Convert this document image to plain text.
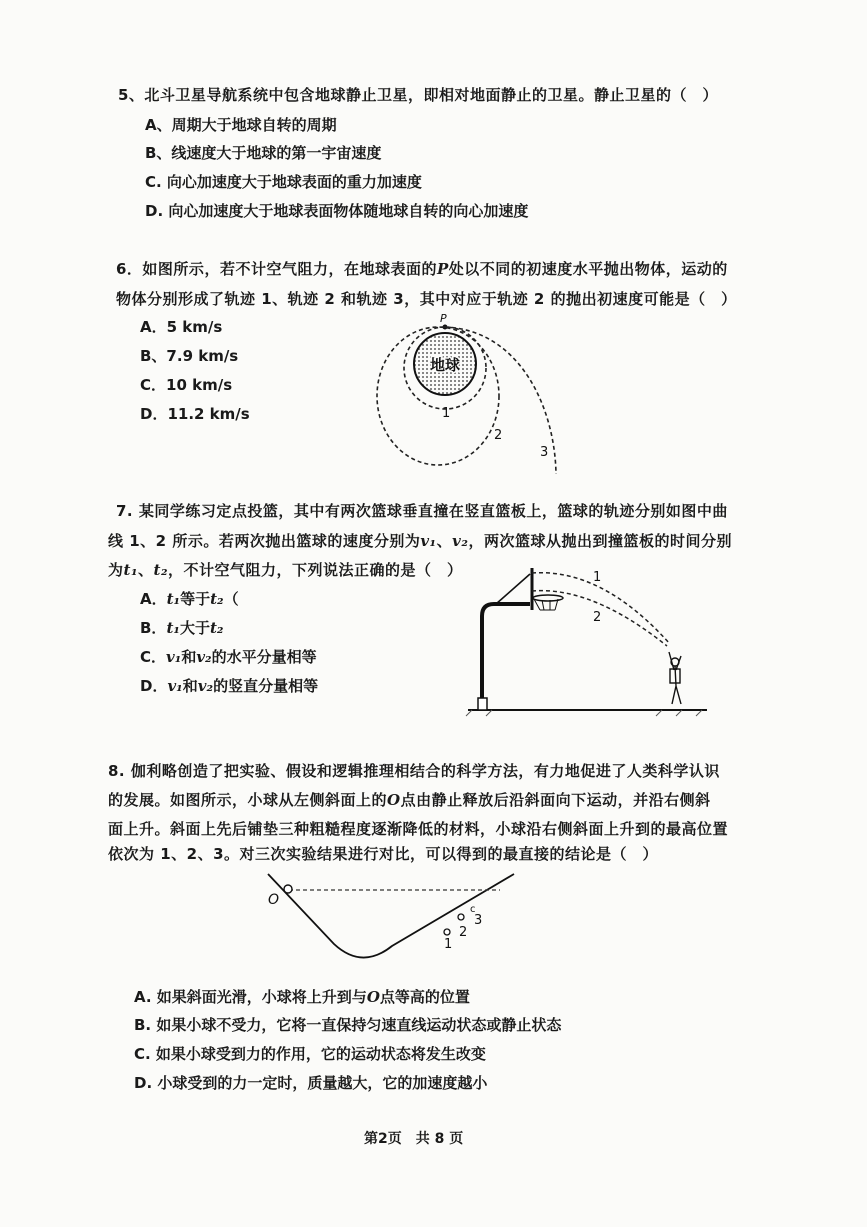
5、北斗卫星导航系统中包含地球静止卫星，即相对地面静止的卫星。静止卫星的（　）
A、周期大于地球自转的周期
B、线速度大于地球的第一宇宙速度
C. 向心加速度大于地球表面的重力加速度
D. 向心加速度大于地球表面物体随地球自转的向心加速度
6．如图所示，若不计空气阻力，在地球表面的P处以不同的初速度水平抛出物体，运动的
物体分别形成了轨迹 1、轨迹 2 和轨迹 3，其中对应于轨迹 2 的抛出初速度可能是（　）
A．5 km/s
B、7.9 km/s
C．10 km/s
D．11.2 km/s
地球
P
1
2
3
7. 某同学练习定点投篮，其中有两次篮球垂直撞在竖直篮板上，篮球的轨迹分别如图中曲
线 1、2 所示。若两次抛出篮球的速度分别为v₁、v₂，两次篮球从抛出到撞篮板的时间分别
为t₁、t₂，不计空气阻力，下列说法正确的是（　）
A．t₁等于t₂（
B．t₁大于t₂
C．v₁和v₂的水平分量相等
D．v₁和v₂的竖直分量相等
1
2
8. 伽利略创造了把实验、假设和逻辑推理相结合的科学方法，有力地促进了人类科学认识
的发展。如图所示，小球从左侧斜面上的O点由静止释放后沿斜面向下运动，并沿右侧斜
面上升。斜面上先后铺垫三种粗糙程度逐渐降低的材料，小球沿右侧斜面上升到的最高位置
依次为 1、2、3。对三次实验结果进行对比，可以得到的最直接的结论是（　）
O
1
2
3
c
A. 如果斜面光滑，小球将上升到与O点等高的位置
B. 如果小球不受力，它将一直保持匀速直线运动状态或静止状态
C. 如果小球受到力的作用，它的运动状态将发生改变
D. 小球受到的力一定时，质量越大，它的加速度越小
第2页　共 8 页
